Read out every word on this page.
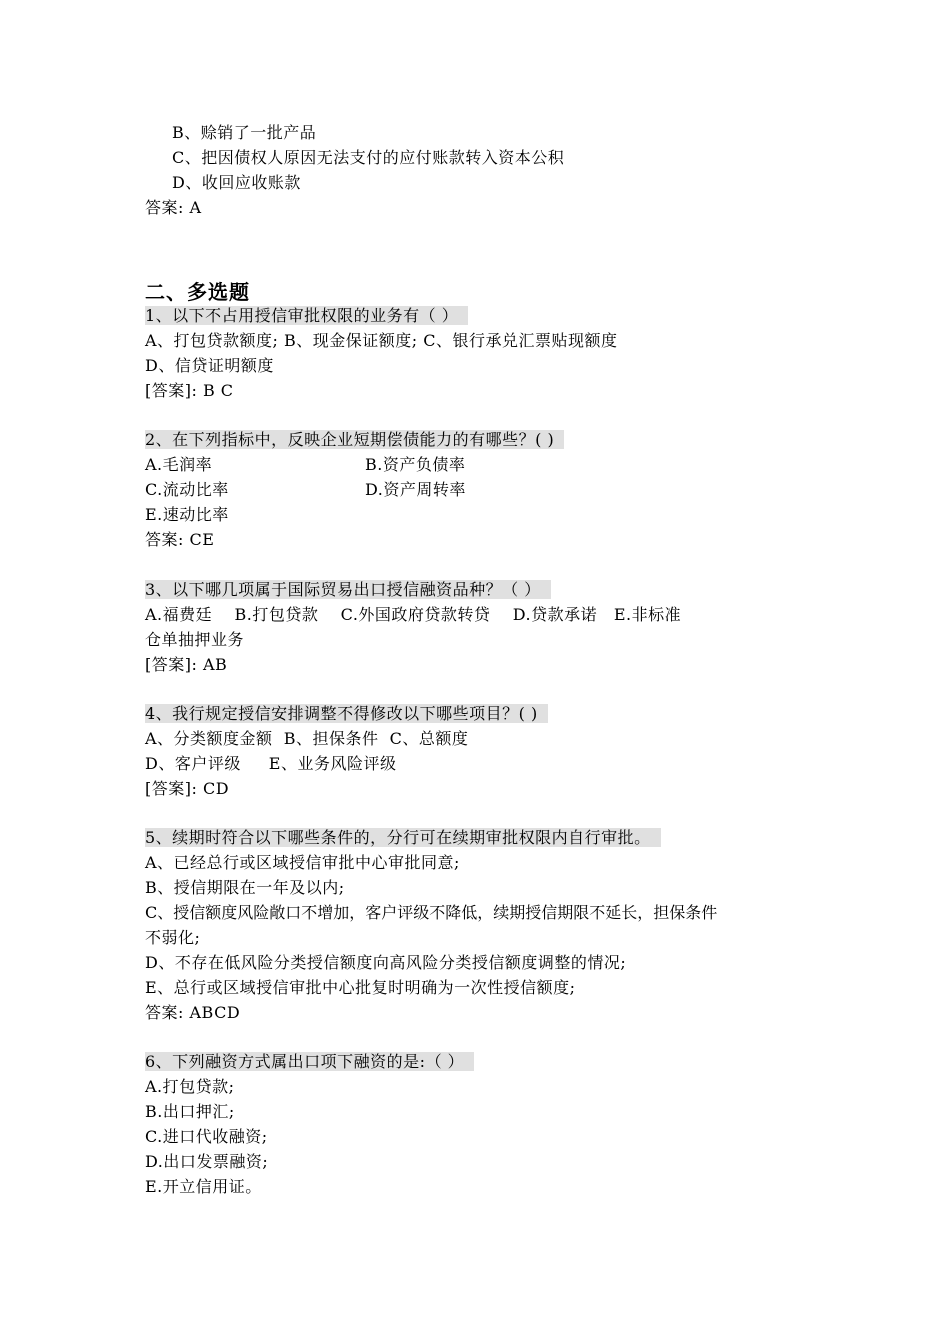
B、赊销了一批产品
C、把因债权人原因无法支付的应付账款转入资本公积
D、收回应收账款
答案: A
二、多选题
1、以下不占用授信审批权限的业务有（ ）
A、打包贷款额度; B、现金保证额度; C、银行承兑汇票贴现额度
D、信贷证明额度
[答案]: B C
2、在下列指标中，反映企业短期偿债能力的有哪些？( )
A.毛润率	B.资产负债率
C.流动比率	D.资产周转率
E.速动比率
答案: CE
3、以下哪几项属于国际贸易出口授信融资品种？（ ）
A.福费廷    B.打包贷款    C.外国政府贷款转贷    D.贷款承诺   E.非标准
仓单抽押业务
[答案]: AB
4、我行规定授信安排调整不得修改以下哪些项目？( )
A、分类额度金额  B、担保条件  C、总额度
D、客户评级     E、业务风险评级
[答案]: CD
5、续期时符合以下哪些条件的，分行可在续期审批权限内自行审批。
A、已经总行或区域授信审批中心审批同意;
B、授信期限在一年及以内;
C、授信额度风险敞口不增加，客户评级不降低，续期授信期限不延长，担保条件
不弱化;
D、不存在低风险分类授信额度向高风险分类授信额度调整的情况;
E、总行或区域授信审批中心批复时明确为一次性授信额度;
答案: ABCD
6、下列融资方式属出口项下融资的是:（ ）
A.打包贷款;
B.出口押汇;
C.进口代收融资;
D.出口发票融资;
E.开立信用证。
